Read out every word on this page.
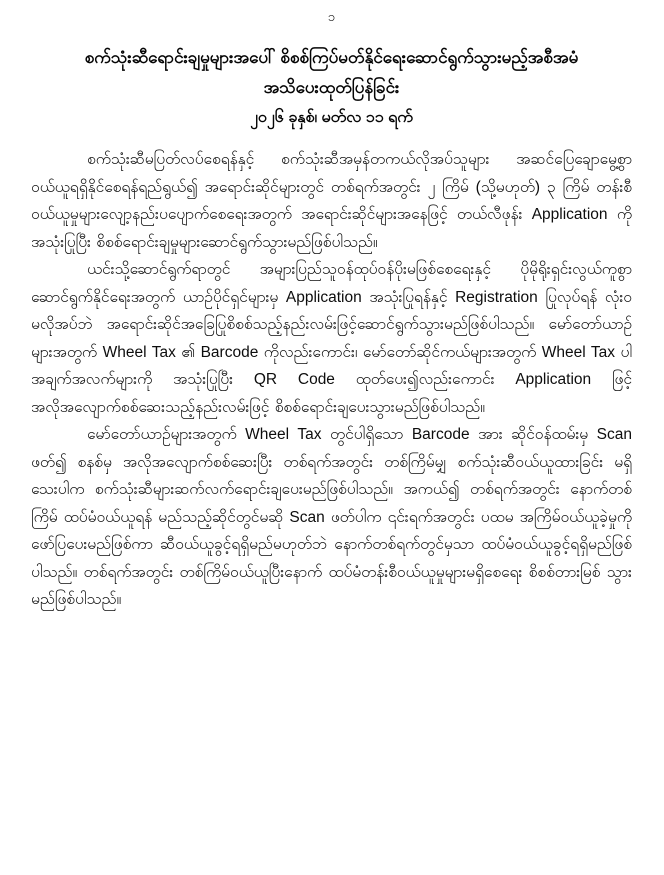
၁
စက်သုံးဆီရောင်းချမှုများအပေါ် စိစစ်ကြပ်မတ်နိုင်ရေးဆောင်ရွက်သွားမည့်အစီအမံ
အသိပေးထုတ်ပြန်ခြင်း
၂၀၂၆ ခုနှစ်၊ မတ်လ ၁၁ ရက်

စက်သုံးဆီမပြတ်လပ်စေရန်နှင့် စက်သုံးဆီအမှန်တကယ်လိုအပ်သူများ အဆင်ပြေချောမွေ့စွာ ဝယ်ယူရရှိနိုင်စေရန်ရည်ရွယ်၍ အရောင်းဆိုင်များတွင် တစ်ရက်အတွင်း ၂ ကြိမ် (သို့မဟုတ်) ၃ ကြိမ် တန်းစီ ဝယ်ယူမှုများလျော့နည်းပပျောက်စေရေးအတွက် အရောင်းဆိုင်များအနေဖြင့် တယ်လီဖုန်း Application ကို အသုံးပြုပြီး စိစစ်ရောင်းချမှုများဆောင်ရွက်သွားမည်ဖြစ်ပါသည်။

ယင်းသို့ဆောင်ရွက်ရာတွင် အများပြည်သူဝန်ထုပ်ဝန်ပိုးမဖြစ်စေရေးနှင့် ပိုမိုရိုးရှင်းလွယ်ကူစွာ ဆောင်ရွက်နိုင်ရေးအတွက် ယာဉ်ပိုင်ရှင်များမှ Application အသုံးပြုရန်နှင့် Registration ပြုလုပ်ရန် လုံးဝ မလိုအပ်ဘဲ အရောင်းဆိုင်အခြေပြုစိစစ်သည့်နည်းလမ်းဖြင့်ဆောင်ရွက်သွားမည်ဖြစ်ပါသည်။ မော်တော်ယာဉ်များအတွက် Wheel Tax ၏ Barcode ကိုလည်းကောင်း၊ မော်တော်ဆိုင်ကယ်များအတွက် Wheel Tax ပါအချက်အလက်များကို အသုံးပြုပြီး QR Code ထုတ်ပေး၍လည်းကောင်း Application ဖြင့် အလိုအလျောက်စစ်ဆေးသည့်နည်းလမ်းဖြင့် စိစစ်ရောင်းချပေးသွားမည်ဖြစ်ပါသည်။

မော်တော်ယာဉ်များအတွက် Wheel Tax တွင်ပါရှိသော Barcode အား ဆိုင်ဝန်ထမ်းမှ Scan ဖတ်၍ စနစ်မှ အလိုအလျောက်စစ်ဆေးပြီး တစ်ရက်အတွင်း တစ်ကြိမ်မျှ စက်သုံးဆီဝယ်ယူထားခြင်း မရှိသေးပါက စက်သုံးဆီများဆက်လက်ရောင်းချပေးမည်ဖြစ်ပါသည်။ အကယ်၍ တစ်ရက်အတွင်း နောက်တစ်ကြိမ် ထပ်မံဝယ်ယူရန် မည်သည့်ဆိုင်တွင်မဆို Scan ဖတ်ပါက ၎င်းရက်အတွင်း ပထမ အကြိမ်ဝယ်ယူခဲ့မှုကို ဖော်ပြပေးမည်ဖြစ်ကာ ဆီဝယ်ယူခွင့်ရရှိမည်မဟုတ်ဘဲ နောက်တစ်ရက်တွင်မှသာ ထပ်မံဝယ်ယူခွင့်ရရှိမည်ဖြစ်ပါသည်။ တစ်ရက်အတွင်း တစ်ကြိမ်ဝယ်ယူပြီးနောက် ထပ်မံတန်းစီဝယ်ယူမှုများမရှိစေရေး စိစစ်တားမြစ် သွားမည်ဖြစ်ပါသည်။
